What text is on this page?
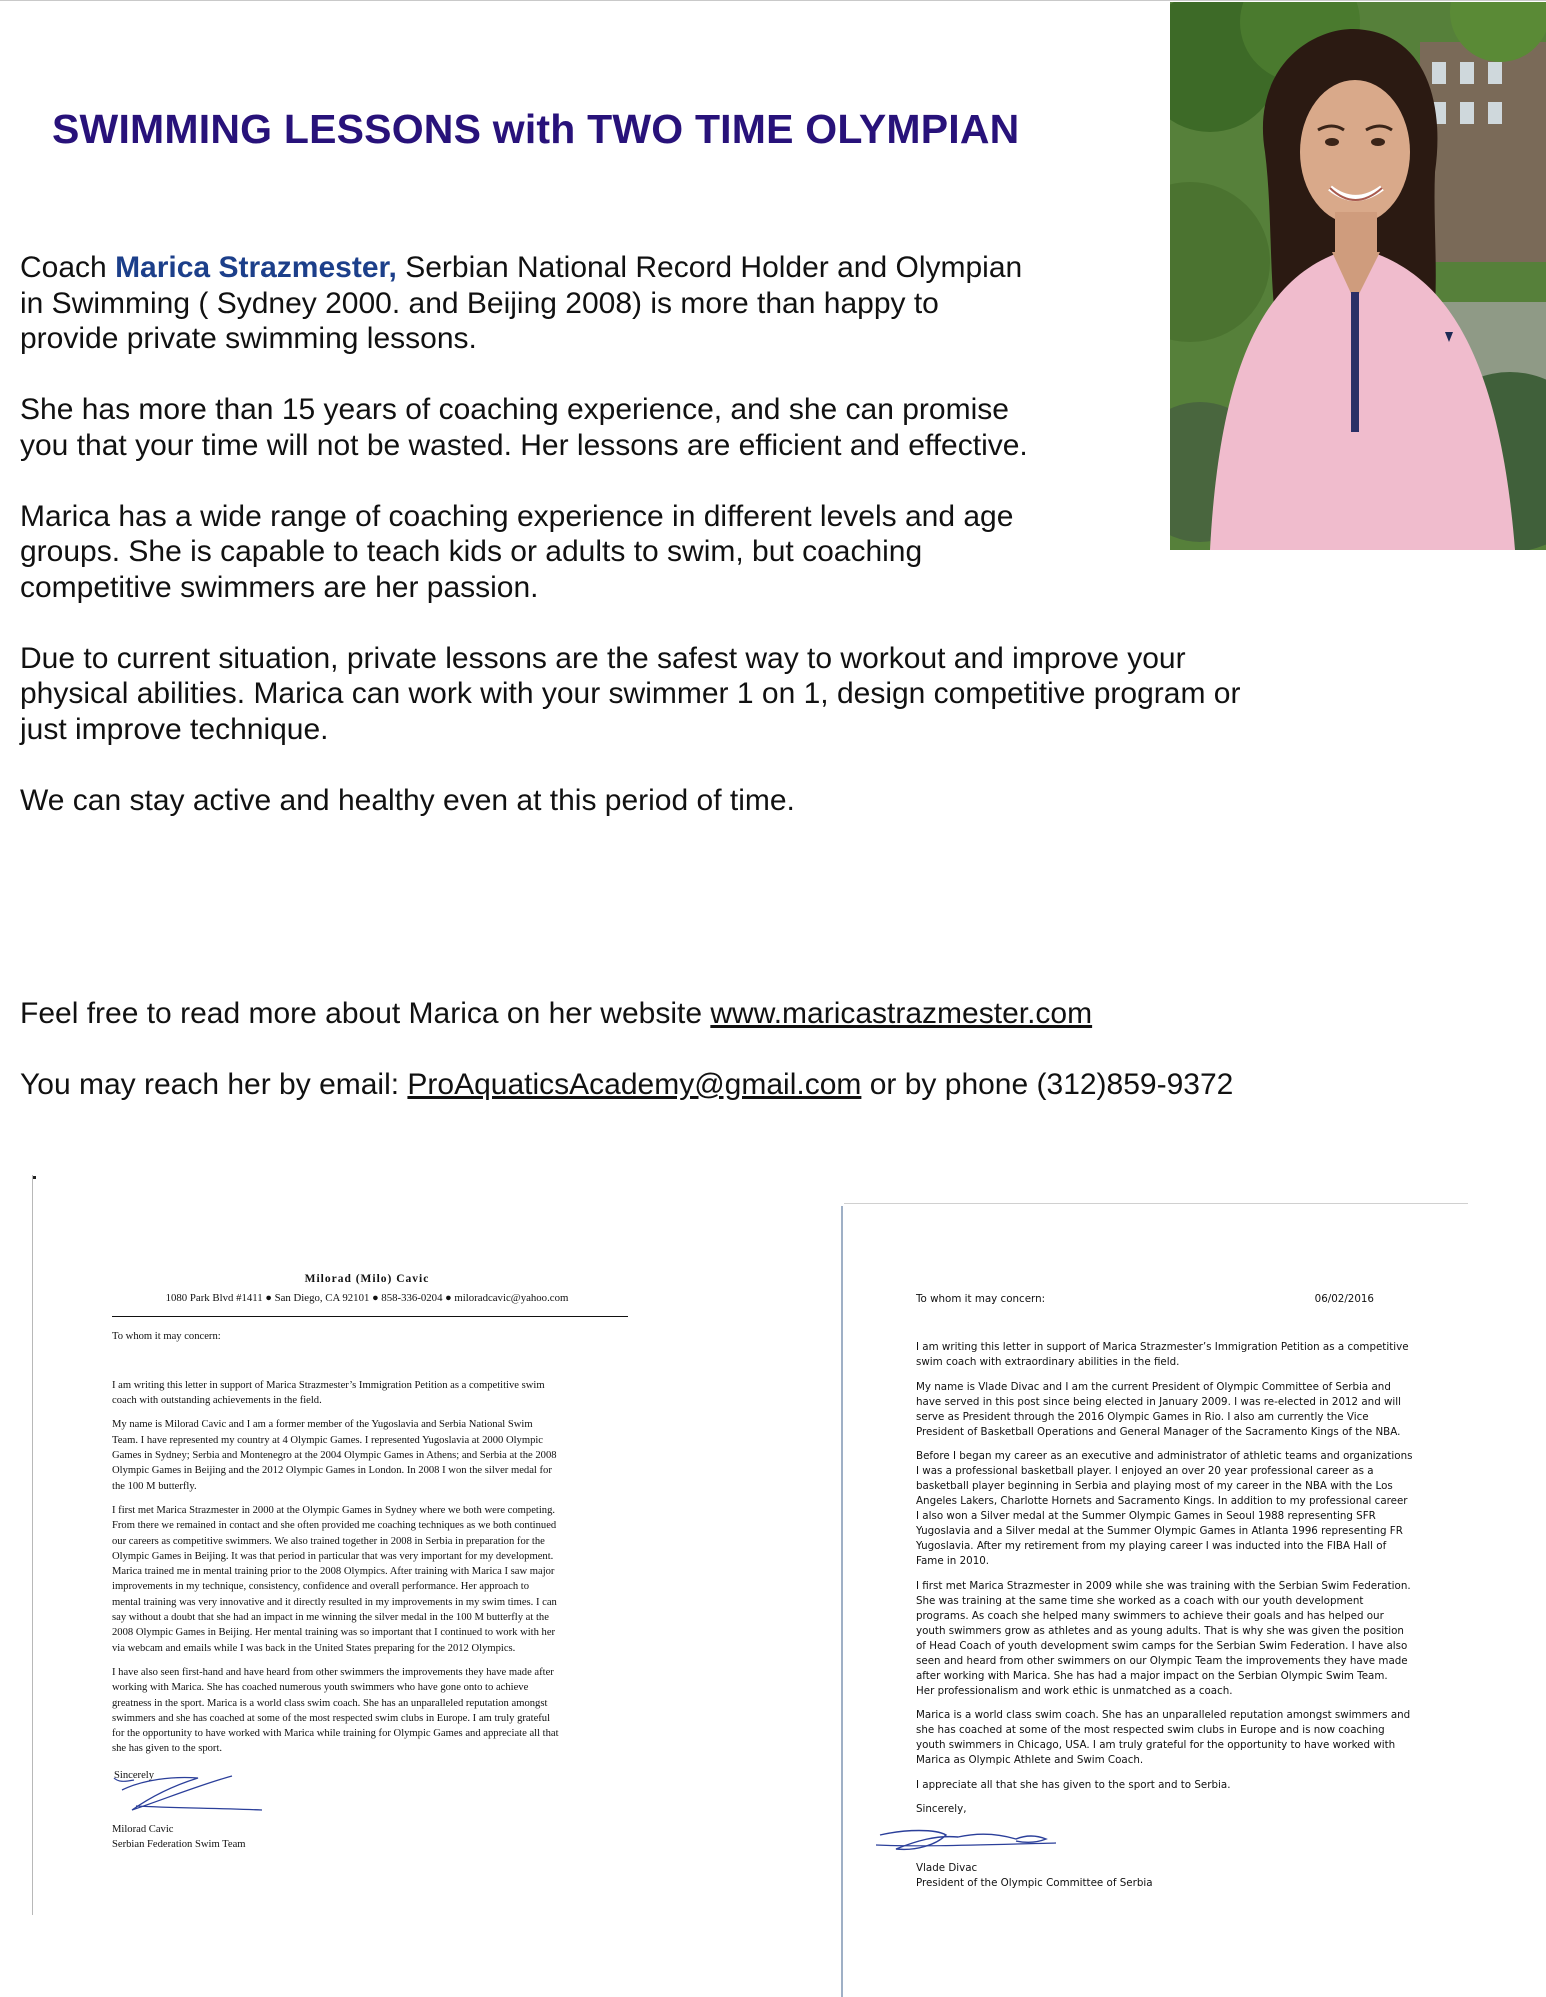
SWIMMING LESSONS with TWO TIME OLYMPIAN

Coach Marica Strazmester, Serbian National Record Holder and Olympian
in Swimming ( Sydney 2000. and Beijing 2008) is more than happy to
provide private swimming lessons.

She has more than 15 years of coaching experience, and she can promise
you that your time will not be wasted. Her lessons are efficient and effective.

Marica has a wide range of coaching experience in different levels and age
groups. She is capable to teach kids or adults to swim, but coaching
competitive swimmers are her passion.

Due to current situation, private lessons are the safest way to workout and improve your
physical abilities. Marica can work with your swimmer 1 on 1, design competitive program or
just improve technique.

We can stay active and healthy even at this period of time.

Feel free to read more about Marica on her website www.maricastrazmester.com

You may reach her by email: ProAquaticsAcademy@gmail.com or by phone (312)859-9372

Milorad (Milo) Cavic
1080 Park Blvd #1411 ● San Diego, CA 92101 ● 858-336-0204 ● miloradcavic@yahoo.com

To whom it may concern:

I am writing this letter in support of Marica Strazmester’s Immigration Petition as a competitive swim
coach with outstanding achievements in the field.

My name is Milorad Cavic and I am a former member of the Yugoslavia and Serbia National Swim
Team. I have represented my country at 4 Olympic Games. I represented Yugoslavia at 2000 Olympic
Games in Sydney; Serbia and Montenegro at the 2004 Olympic Games in Athens; and Serbia at the 2008
Olympic Games in Beijing and the 2012 Olympic Games in London. In 2008 I won the silver medal for
the 100 M butterfly.

I first met Marica Strazmester in 2000 at the Olympic Games in Sydney where we both were competing.
From there we remained in contact and she often provided me coaching techniques as we both continued
our careers as competitive swimmers. We also trained together in 2008 in Serbia in preparation for the
Olympic Games in Beijing. It was that period in particular that was very important for my development.
Marica trained me in mental training prior to the 2008 Olympics. After training with Marica I saw major
improvements in my technique, consistency, confidence and overall performance. Her approach to
mental training was very innovative and it directly resulted in my improvements in my swim times. I can
say without a doubt that she had an impact in me winning the silver medal in the 100 M butterfly at the
2008 Olympic Games in Beijing. Her mental training was so important that I continued to work with her
via webcam and emails while I was back in the United States preparing for the 2012 Olympics.

I have also seen first-hand and have heard from other swimmers the improvements they have made after
working with Marica. She has coached numerous youth swimmers who have gone onto to achieve
greatness in the sport. Marica is a world class swim coach. She has an unparalleled reputation amongst
swimmers and she has coached at some of the most respected swim clubs in Europe. I am truly grateful
for the opportunity to have worked with Marica while training for Olympic Games and appreciate all that
she has given to the sport.

Sincerely
Milorad Cavic
Serbian Federation Swim Team
To whom it may concern:	06/02/2016

I am writing this letter in support of Marica Strazmester’s Immigration Petition as a competitive
swim coach with extraordinary abilities in the field.

My name is Vlade Divac and I am the current President of Olympic Committee of Serbia and
have served in this post since being elected in January 2009. I was re-elected in 2012 and will
serve as President through the 2016 Olympic Games in Rio. I also am currently the Vice
President of Basketball Operations and General Manager of the Sacramento Kings of the NBA.

Before I began my career as an executive and administrator of athletic teams and organizations
I was a professional basketball player. I enjoyed an over 20 year professional career as a
basketball player beginning in Serbia and playing most of my career in the NBA with the Los
Angeles Lakers, Charlotte Hornets and Sacramento Kings. In addition to my professional career
I also won a Silver medal at the Summer Olympic Games in Seoul 1988 representing SFR
Yugoslavia and a Silver medal at the Summer Olympic Games in Atlanta 1996 representing FR
Yugoslavia. After my retirement from my playing career I was inducted into the FIBA Hall of
Fame in 2010.

I first met Marica Strazmester in 2009 while she was training with the Serbian Swim Federation.
She was training at the same time she worked as a coach with our youth development
programs. As coach she helped many swimmers to achieve their goals and has helped our
youth swimmers grow as athletes and as young adults. That is why she was given the position
of Head Coach of youth development swim camps for the Serbian Swim Federation. I have also
seen and heard from other swimmers on our Olympic Team the improvements they have made
after working with Marica. She has had a major impact on the Serbian Olympic Swim Team.
Her professionalism and work ethic is unmatched as a coach.

Marica is a world class swim coach. She has an unparalleled reputation amongst swimmers and
she has coached at some of the most respected swim clubs in Europe and is now coaching
youth swimmers in Chicago, USA. I am truly grateful for the opportunity to have worked with
Marica as Olympic Athlete and Swim Coach.

I appreciate all that she has given to the sport and to Serbia.

Sincerely,
Vlade Divac
President of the Olympic Committee of Serbia
